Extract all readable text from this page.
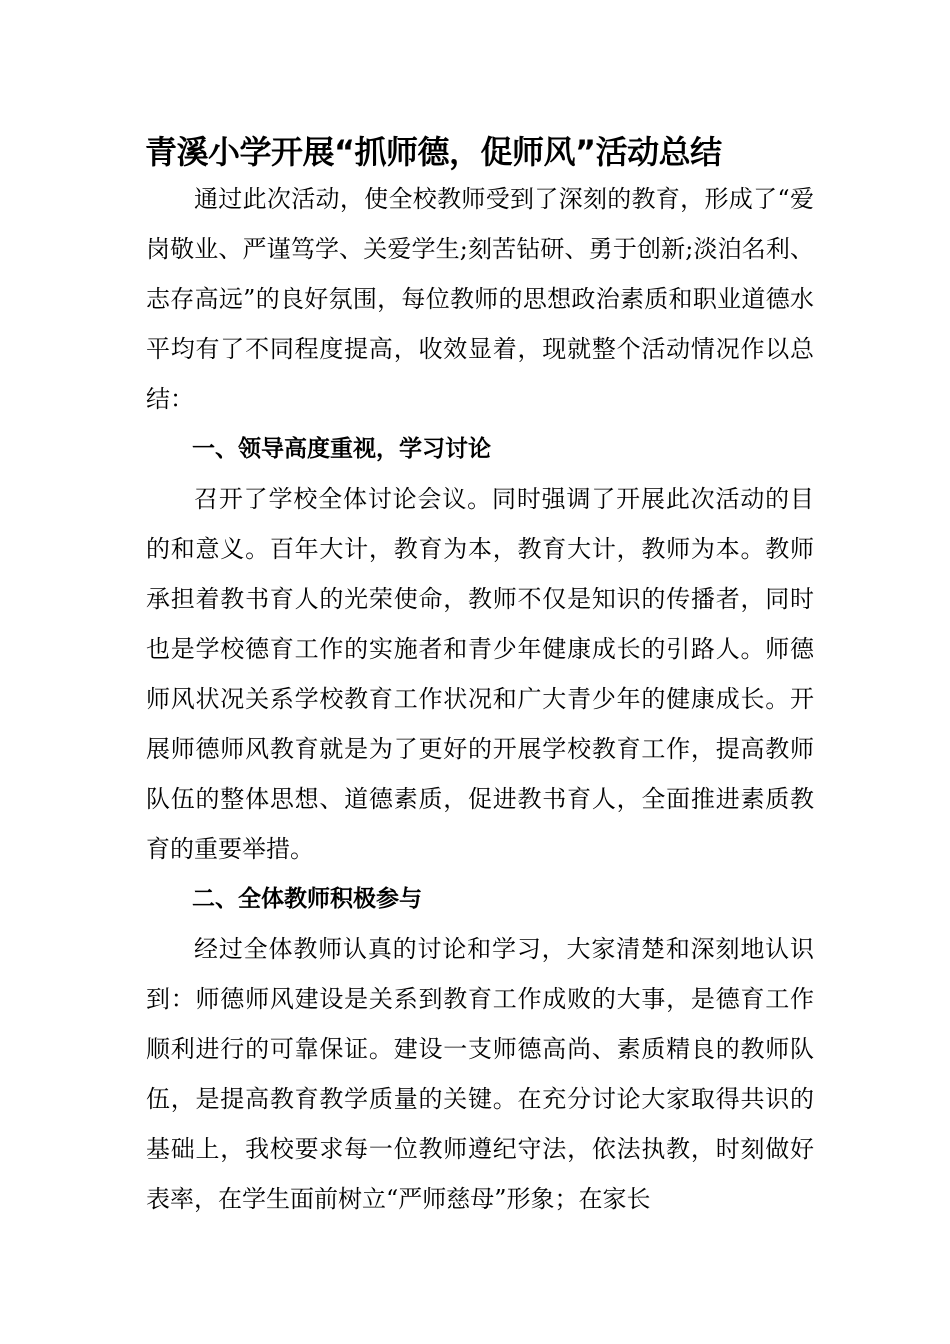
青溪小学开展“抓师德，促师风”活动总结

通过此次活动，使全校教师受到了深刻的教育，形成了“爱岗敬业、严谨笃学、关爱学生;刻苦钻研、勇于创新;淡泊名利、志存高远”的良好氛围，每位教师的思想政治素质和职业道德水平均有了不同程度提高，收效显着，现就整个活动情况作以总结：

一、领导高度重视，学习讨论

召开了学校全体讨论会议。同时强调了开展此次活动的目的和意义。百年大计，教育为本，教育大计，教师为本。教师承担着教书育人的光荣使命，教师不仅是知识的传播者，同时也是学校德育工作的实施者和青少年健康成长的引路人。师德师风状况关系学校教育工作状况和广大青少年的健康成长。开展师德师风教育就是为了更好的开展学校教育工作，提高教师队伍的整体思想、道德素质，促进教书育人，全面推进素质教育的重要举措。

二、全体教师积极参与

经过全体教师认真的讨论和学习，大家清楚和深刻地认识到：师德师风建设是关系到教育工作成败的大事，是德育工作顺利进行的可靠保证。建设一支师德高尚、素质精良的教师队伍，是提高教育教学质量的关键。在充分讨论大家取得共识的基础上，我校要求每一位教师遵纪守法，依法执教，时刻做好表率，在学生面前树立“严师慈母”形象；在家长
